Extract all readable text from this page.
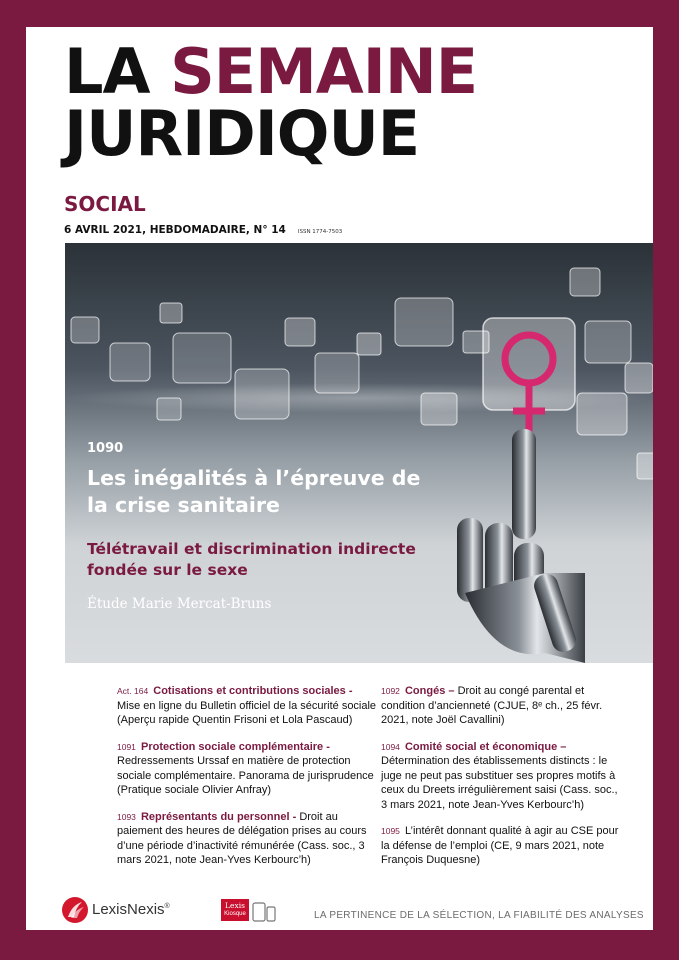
LA SEMAINE
JURIDIQUE
SOCIAL
6 AVRIL 2021, HEBDOMADAIRE, N° 14 ISSN 1774-7503
1090
Les inégalités à l’épreuve de la crise sanitaire
Télétravail et discrimination indirecte fondée sur le sexe
Étude Marie Mercat-Bruns
Act. 164 Cotisations et contributions sociales - Mise en ligne du Bulletin officiel de la sécurité sociale (Aperçu rapide Quentin Frisoni et Lola Pascaud)
1091 Protection sociale complémentaire - Redressements Urssaf en matière de protection sociale complémentaire. Panorama de jurisprudence (Pratique sociale Olivier Anfray)
1093 Représentants du personnel - Droit au paiement des heures de délégation prises au cours d’une période d’inactivité rémunérée (Cass. soc., 3 mars 2021, note Jean-Yves Kerbourc’h)
1092 Congés – Droit au congé parental et condition d’ancienneté (CJUE, 8ᵉ ch., 25 févr. 2021, note Joël Cavallini)
1094 Comité social et économique – Détermination des établissements distincts : le juge ne peut pas substituer ses propres motifs à ceux du Dreets irrégulièrement saisi (Cass. soc., 3 mars 2021, note Jean-Yves Kerbourc’h)
1095 L’intérêt donnant qualité à agir au CSE pour la défense de l’emploi (CE, 9 mars 2021, note François Duquesne)
LexisNexis®	Lexis
Kiosque	LA PERTINENCE DE LA SÉLECTION, LA FIABILITÉ DES ANALYSES
